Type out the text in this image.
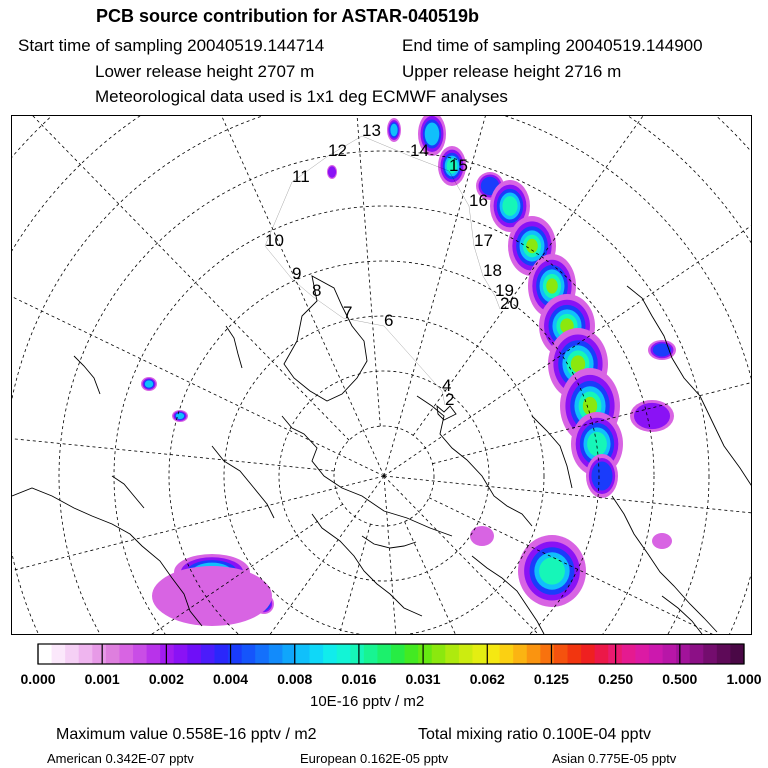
PCB source contribution for ASTAR-040519b
Start time of sampling 20040519.144714	End time of sampling 20040519.144900
Lower release height 2707 m	Upper release height 2716 m
Meteorological data used is 1x1 deg ECMWF analyses
2
4
6
7
8
9
10
11
12
13
14
15
16
17
18
19
20
0.000 0.001 0.002 0.004 0.008 0.016 0.031 0.062 0.125 0.250 0.500 1.000
10E-16 pptv / m2
Maximum value 0.558E-16 pptv / m2	Total mixing ratio 0.100E-04 pptv
American 0.342E-07 pptv	European 0.162E-05 pptv	Asian 0.775E-05 pptv
